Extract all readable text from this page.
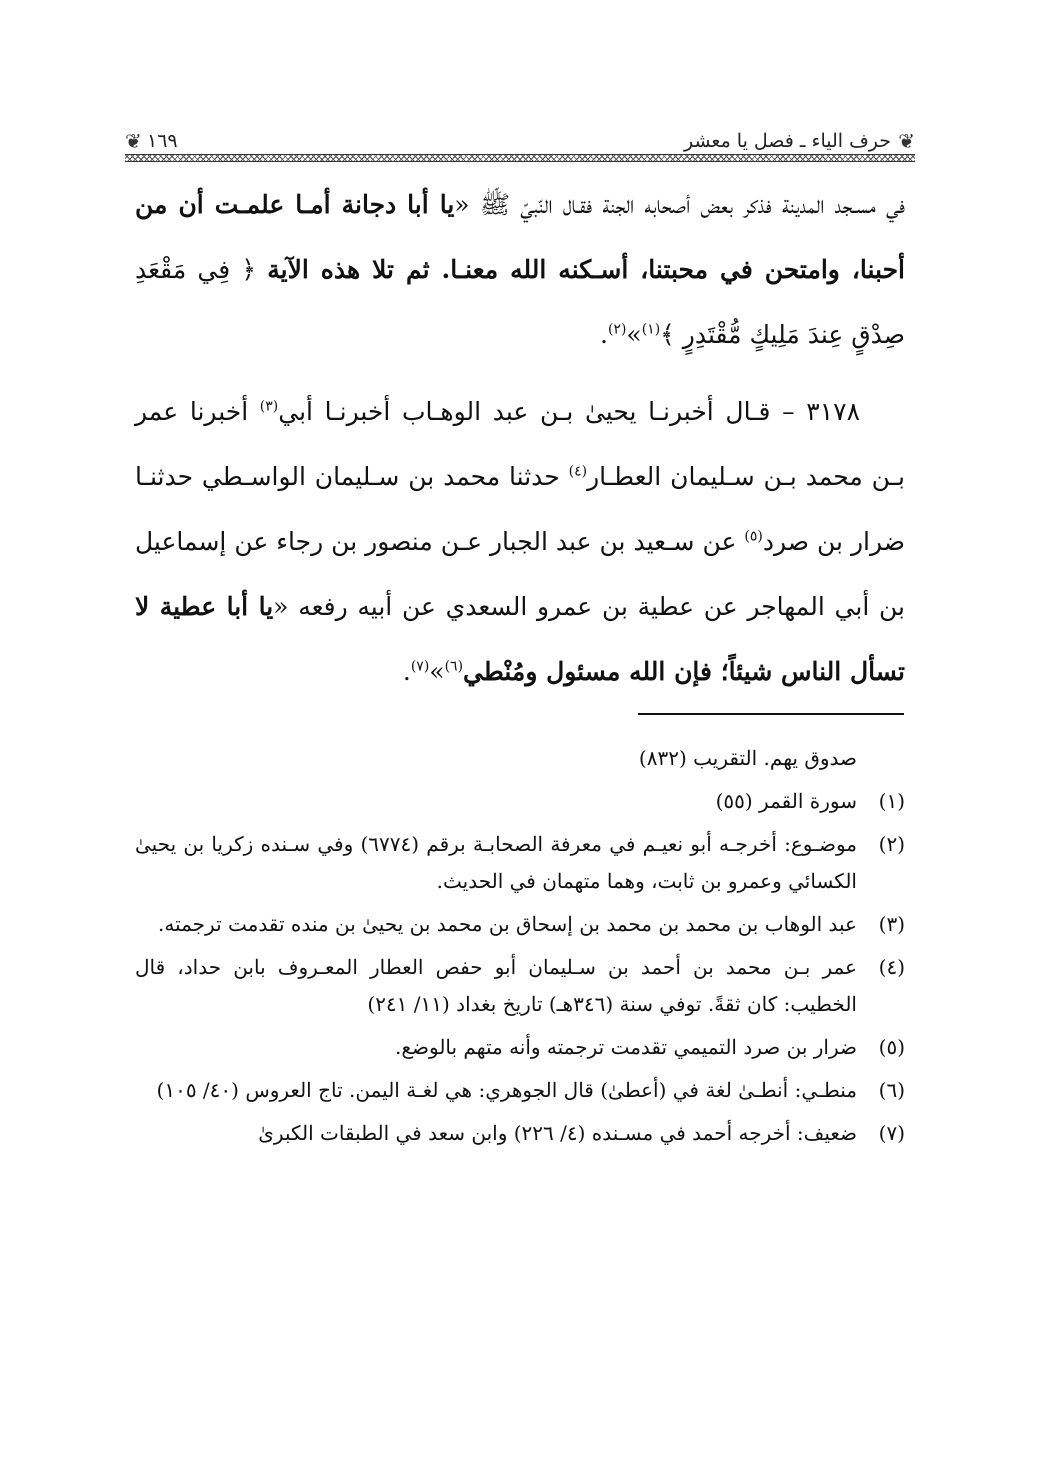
❦
حرف الياء ـ فصل يا معشر
١٦٩
❦

في مسـجد المدينة فذكر بعض أصحابه الجنة فقـال النّبيّ ﷺ «يا أبا دجانة أمـا علمـت أن من أحبنا، وامتحن في محبتنا، أسـكنه الله معنـا. ثم تلا هذه الآية ﴿ فِي مَقْعَدِ صِدْقٍ عِندَ مَلِيكٍ مُّقْتَدِرٍ ﴾$^{(١)}$»$^{(٢)}$.

٣١٧٨ – قـال أخبرنـا يحيىٰ بـن عبد الوهـاب أخبرنـا أبي$^{(٣)}$ أخبرنا عمر بـن محمد بـن سـليمان العطـار$^{(٤)}$ حدثنا محمد بن سـليمان الواسـطي حدثنـا ضرار بن صرد$^{(٥)}$ عن سـعيد بن عبد الجبار عـن منصور بن رجاء عن إسماعيل بن أبي المهاجر عن عطية بن عمرو السعدي عن أبيه رفعه «يا أبا عطية لا تسأل الناس شيئاً؛ فإن الله مسئول ومُنْطي$^{(٦)}$»$^{(٧)}$.

صدوق يهم. التقريب (٨٣٢)

(١)
سورة القمر (٥٥)
(٢)
موضـوع: أخرجـه أبو نعيـم في معرفة الصحابـة برقم (٦٧٧٤) وفي سـنده زكريا بن يحيىٰ الكسائي وعمرو بن ثابت، وهما متهمان في الحديث.
(٣)
عبد الوهاب بن محمد بن محمد بن إسحاق بن محمد بن يحيىٰ بن منده تقدمت ترجمته.
(٤)
عمر بـن محمد بن أحمد بن سـليمان أبو حفص العطار المعـروف بابن حداد، قال الخطيب: كان ثقةً. توفي سنة (٣٤٦هـ) تاريخ بغداد (١١/ ٢٤١)
(٥)
ضرار بن صرد التميمي تقدمت ترجمته وأنه متهم بالوضع.
(٦)
منطـي: أنطـىٰ لغة في (أعطىٰ) قال الجوهري: هي لغـة اليمن. تاج العروس (٤٠/ ١٠٥)
(٧)
ضعيف: أخرجه أحمد في مسـنده (٤/ ٢٢٦) وابن سعد في الطبقات الكبرىٰ
